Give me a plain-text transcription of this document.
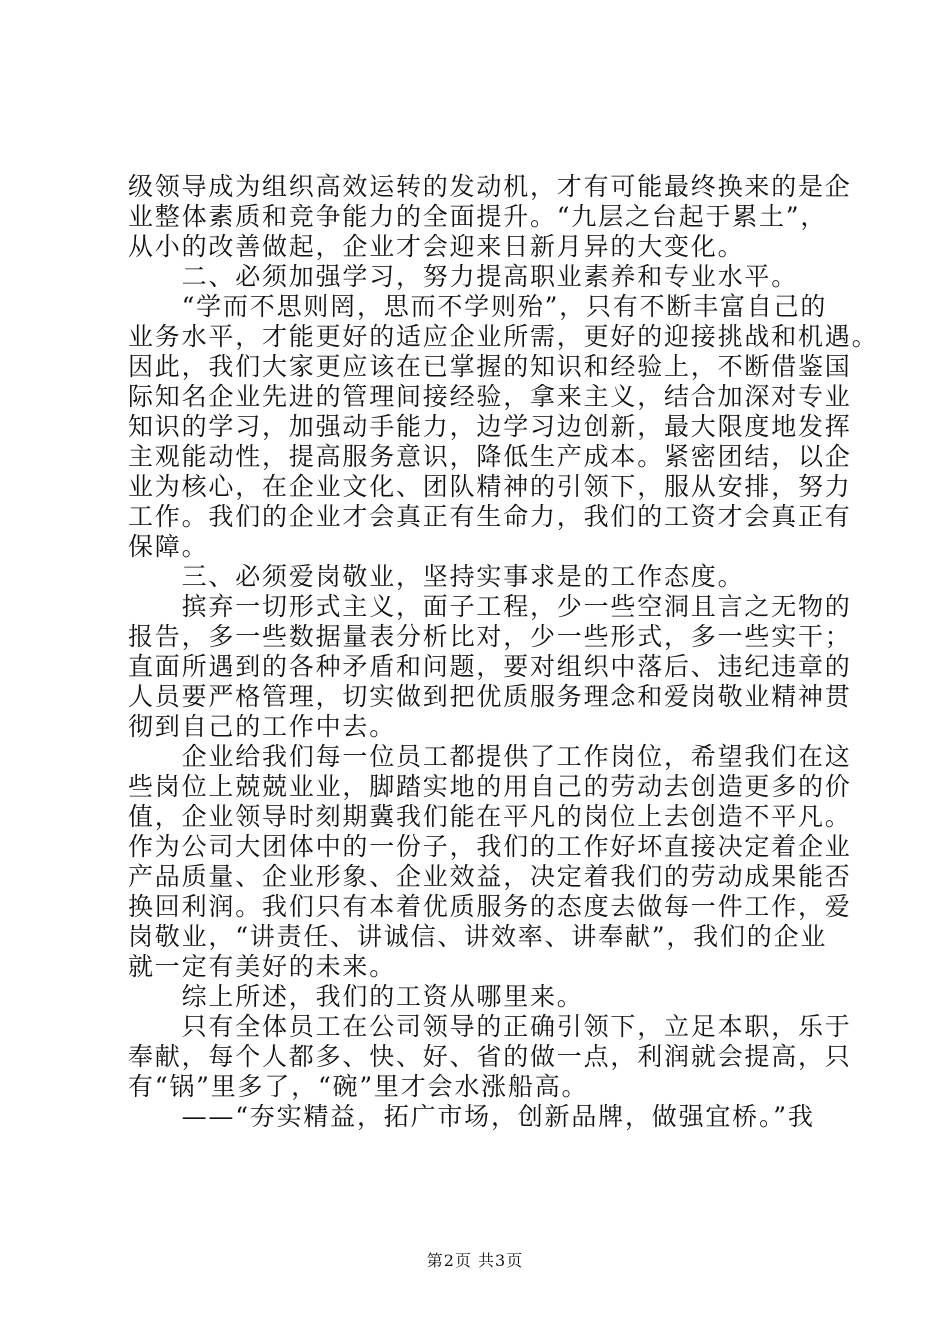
级领导成为组织高效运转的发动机，才有可能最终换来的是企
业整体素质和竞争能力的全面提升。“九层之台起于累土”，
从小的改善做起，企业才会迎来日新月异的大变化。
　　二、必须加强学习，努力提高职业素养和专业水平。
　　“学而不思则罔，思而不学则殆”，只有不断丰富自己的
业务水平，才能更好的适应企业所需，更好的迎接挑战和机遇。
因此，我们大家更应该在已掌握的知识和经验上，不断借鉴国
际知名企业先进的管理间接经验，拿来主义，结合加深对专业
知识的学习，加强动手能力，边学习边创新，最大限度地发挥
主观能动性，提高服务意识，降低生产成本。紧密团结，以企
业为核心，在企业文化、团队精神的引领下，服从安排，努力
工作。我们的企业才会真正有生命力，我们的工资才会真正有
保障。
　　三、必须爱岗敬业，坚持实事求是的工作态度。
　　摈弃一切形式主义，面子工程，少一些空洞且言之无物的
报告，多一些数据量表分析比对，少一些形式，多一些实干；
直面所遇到的各种矛盾和问题，要对组织中落后、违纪违章的
人员要严格管理，切实做到把优质服务理念和爱岗敬业精神贯
彻到自己的工作中去。
　　企业给我们每一位员工都提供了工作岗位，希望我们在这
些岗位上兢兢业业，脚踏实地的用自己的劳动去创造更多的价
值，企业领导时刻期冀我们能在平凡的岗位上去创造不平凡。
作为公司大团体中的一份子，我们的工作好坏直接决定着企业
产品质量、企业形象、企业效益，决定着我们的劳动成果能否
换回利润。我们只有本着优质服务的态度去做每一件工作，爱
岗敬业，“讲责任、讲诚信、讲效率、讲奉献”，我们的企业
就一定有美好的未来。
　　综上所述，我们的工资从哪里来。
　　只有全体员工在公司领导的正确引领下，立足本职，乐于
奉献，每个人都多、快、好、省的做一点，利润就会提高，只
有“锅”里多了，“碗”里才会水涨船高。
　　——“夯实精益，拓广市场，创新品牌，做强宜桥。”我
第2页 共3页
